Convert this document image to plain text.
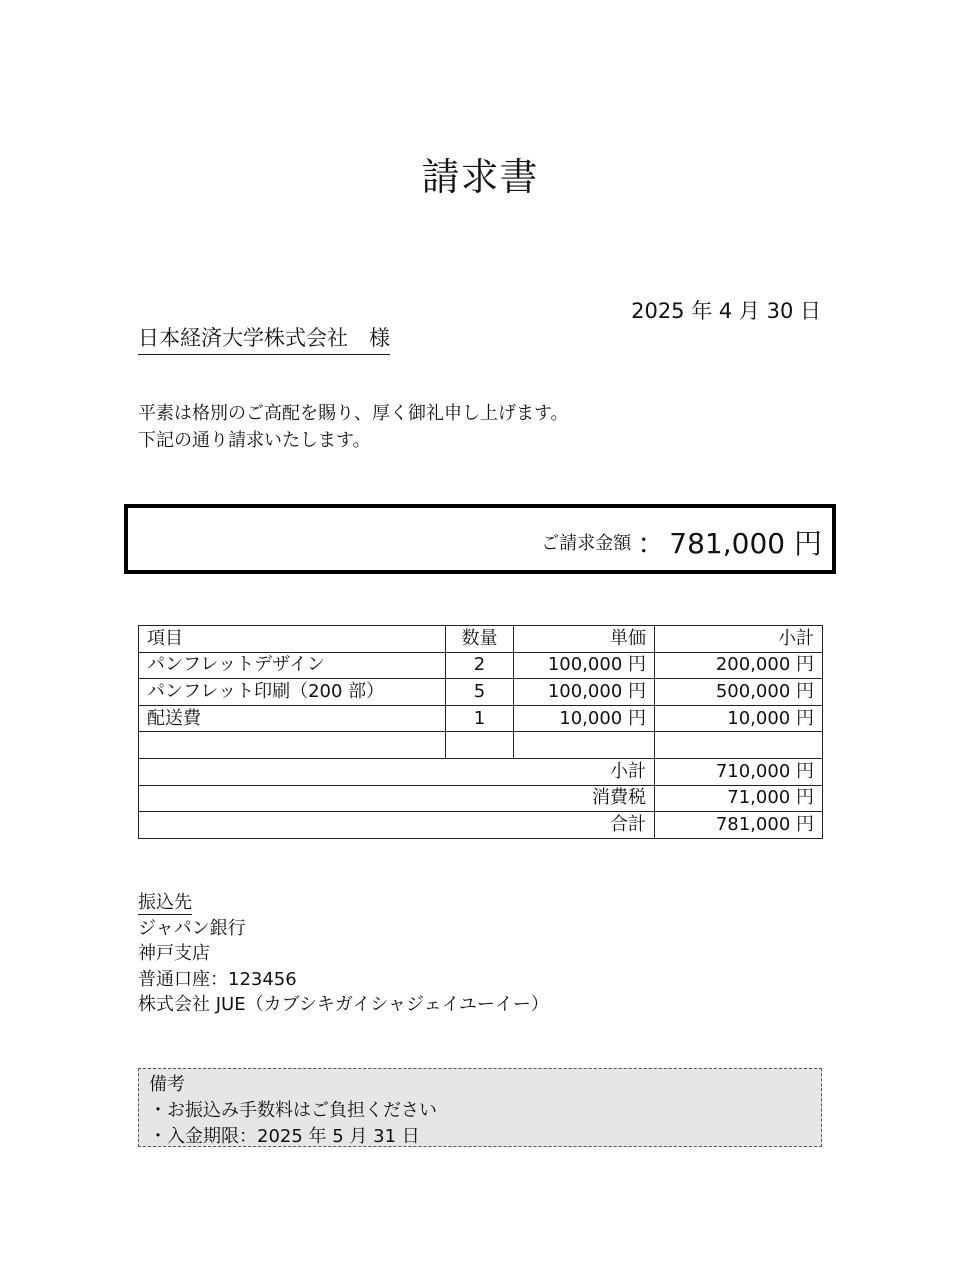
請求書
2025 年 4 月 30 日
日本経済大学株式会社　様
平素は格別のご高配を賜り、厚く御礼申し上げます。
下記の通り請求いたします。
ご請求金額 ： 781,000 円
項目	数量	単価	小計
パンフレットデザイン	2	100,000 円	200,000 円
パンフレット印刷（200 部）	5	100,000 円	500,000 円
配送費	1	10,000 円	10,000 円

小計			710,000 円
消費税			71,000 円
合計			781,000 円
振込先
ジャパン銀行
神戸支店
普通口座：123456
株式会社 JUE（カブシキガイシャジェイユーイー）
備考
・お振込み手数料はご負担ください
・入金期限：2025 年 5 月 31 日
